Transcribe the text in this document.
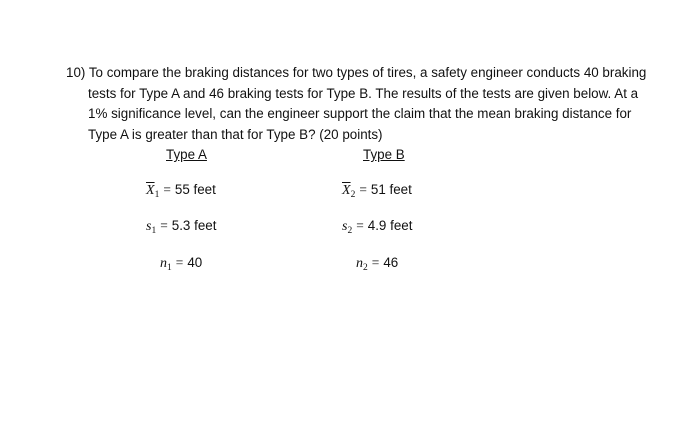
10) To compare the braking distances for two types of tires, a safety engineer conducts 40 braking
tests for Type A and 46 braking tests for Type B. The results of the tests are given below. At a
1% significance level, can the engineer support the claim that the mean braking distance for
Type A is greater than that for Type B? (20 points)
Type A	Type B
$\overline{X}_1 = 55$ feet
$s_1 = 5.3$ feet
$n_1 = 40$
$\overline{X}_2 = 51$ feet
$s_2 = 4.9$ feet
$n_2 = 46$
